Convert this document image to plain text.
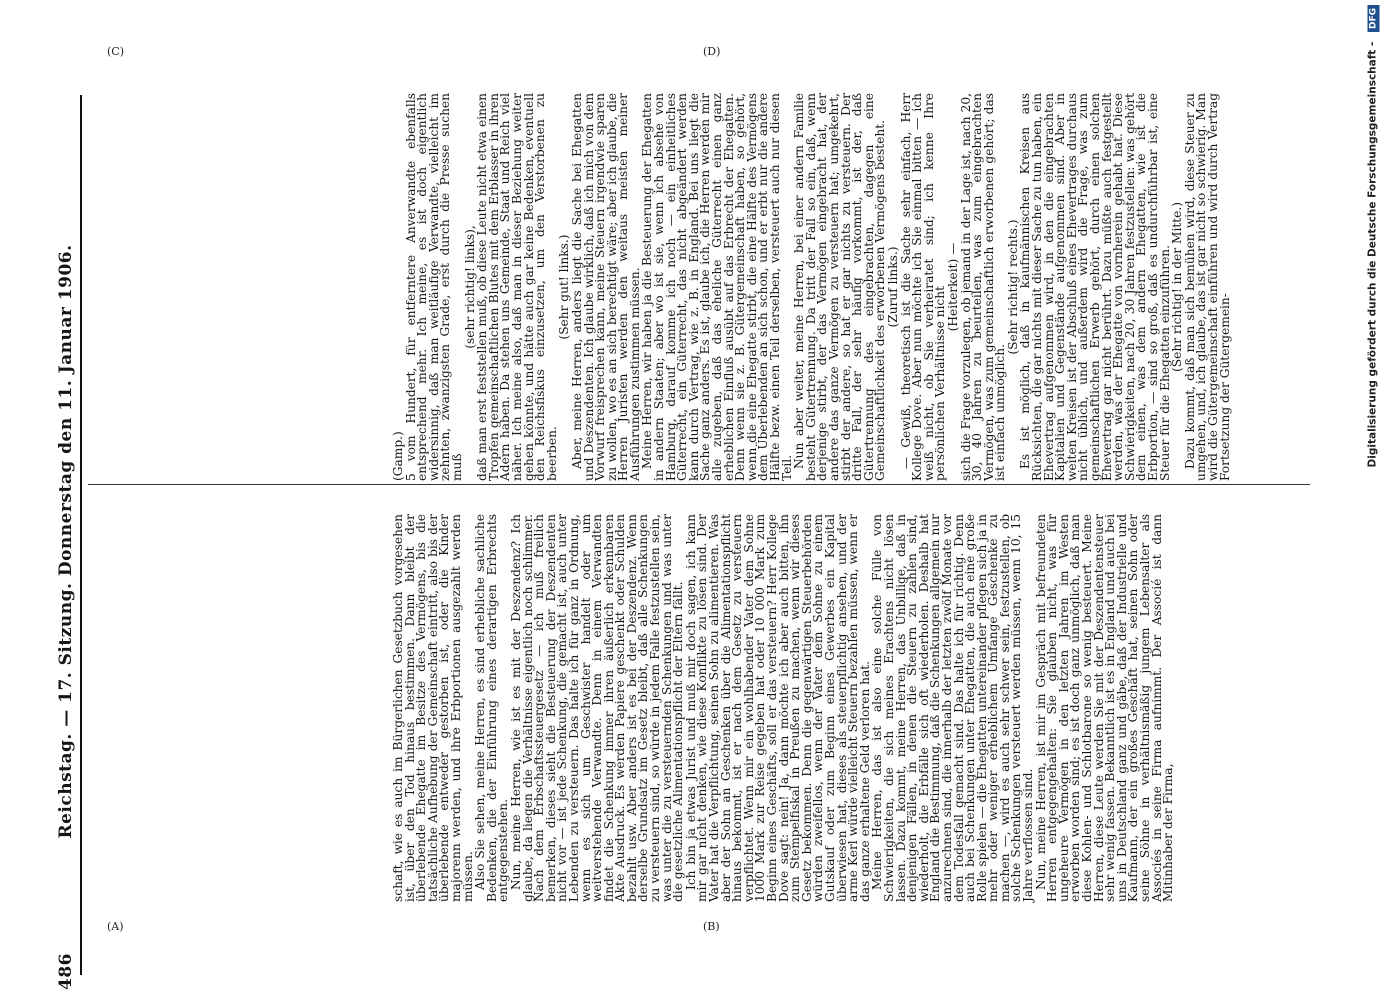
486
Reichstag. — 17. Sitzung. Donnerstag den 11. Januar 1906.
(A)	(B)
(C)	(D)

(Gamp.)

5 vom Hundert, für entferntere Anverwandte ebenfalls entsprechend mehr. Ich meine, es ist doch eigentlich widersinnig, daß man weitläufige Verwandte, vielleicht im zehnten, zwanzigsten Grade, erst durch die Presse suchen muß

(sehr richtig! links),

daß man erst feststellen muß, ob diese Leute nicht etwa einen Tropfen gemeinschaftlichen Blutes mit dem Erblasser in ihren Adern haben. Da stehen uns Gemeinde, Staat und Reich viel näher. Ich meine also, daß man in dieser Beziehung weiter gehen könnte, und hätte auch gar keine Bedenken, eventuell den Reichsfiskus einzusetzen, um den Verstorbenen zu beerben.

(Sehr gut! links.)

Aber, meine Herren, anders liegt die Sache bei Ehegatten und Deszendenten. Ich glaube wirklich, daß ich mich von dem Vorwurf freisprechen kann, meine Steuern irgendwie sparen zu wollen, wo es an sich berechtigt wäre; aber ich glaube, die Herren Juristen werden den weitaus meisten meiner Ausführungen zustimmen müssen.

Meine Herren, wir haben ja die Besteuerung der Ehegatten in andern Staaten; aber wo ist sie, wenn ich absehe von Hamburg, darauf komme ich noch — ein einheitliches Güterrecht, ein Güterrecht, das nicht abgeändert werden kann durch Vertrag, wie z. B. in England. Bei uns liegt die Sache ganz anders. Es ist, glaube ich, die Herren werden mir alle zugeben, daß das eheliche Güterrecht einen ganz erheblichen Einfluß ausübt auf das Erbrecht der Ehegatten. Denn wenn sie z. B. Gütergemeinschaft haben, so gehört, wenn die eine Ehegatte stirbt, die eine Hälfte des Vermögens dem Überlebenden an sich schon, und er erbt nur die andere Hälfte bezw. einen Teil derselben, versteuert auch nur diesen Teil.

Nun aber weiter, meine Herren, bei einer andern Familie besteht Gütertrennung. Da tritt der Fall so ein, daß, wenn derjenige stirbt, der das Vermögen eingebracht hat, der andere das ganze Vermögen zu versteuern hat; umgekehrt, stirbt der andere, so hat er gar nichts zu versteuern. Der dritte Fall, der sehr häufig vorkommt, ist der, daß Gütertrennung des eingebrachten, dagegen eine Gemeinschaftlichkeit des erworbenen Vermögens besteht.

(Zuruf links.)

— Gewiß, theoretisch ist die Sache sehr einfach, Herr Kollege Dove. Aber nun möchte ich Sie einmal bitten — ich weiß nicht, ob Sie verheiratet sind; ich kenne Ihre persönlichen Verhältnisse nicht

(Heiterkeit) —

sich die Frage vorzulegen, ob jemand in der Lage ist, nach 20, 30, 40 Jahren zu beurteilen, was zum eingebrachten Vermögen, was zum gemeinschaftlich erworbenen gehört; das ist einfach unmöglich.

(Sehr richtig! rechts.)

Es ist möglich, daß in kaufmännischen Kreisen aus Rücksichten, die gar nichts mit dieser Sache zu tun haben, ein Ehevertrag aufgenommen wird, in den die eingebrachten Kapitalien und Gegenstände aufgenommen sind. Aber in weiten Kreisen ist der Abschluß eines Ehevertrages durchaus nicht üblich, und außerdem wird die Frage, was zum gemeinschaftlichen Erwerb gehört, durch einen solchen Ehevertrag gar nicht berührt. Dazu müßte auch festgestellt werden, was der Ehegatte von vornherein gehabt hat. Diese Schwierigkeiten, nach 20, 30 Jahren festzustellen: was gehört dem einen, was dem andern Ehegatten, wie ist die Erbportion, — sind so groß, daß es undurchführbar ist, eine Steuer für die Ehegatten einzuführen.

(Sehr richtig! in der Mitte.)

Dazu kommt, daß man sich bemühen wird, diese Steuer zu umgehen, und, ich glaube, das ist gar nicht so schwierig. Man wird die Gütergemeinschaft einführen und wird durch Vertrag Fortsetzung der Gütergemein-

schaft, wie es auch im Bürgerlichen Gesetzbuch vorgesehen ist, über den Tod hinaus bestimmen. Dann bleibt der überlebende Ehegatte im Besitze des Vermögens, bis die tatsächliche Aufhebung der Gemeinschaft eintritt, also bis der überlebende entweder gestorben ist, oder die Kinder majorenn werden, und ihre Erbportionen ausgezahlt werden müssen.

Also Sie sehen, meine Herren, es sind erhebliche sachliche Bedenken, die der Einführung eines derartigen Erbrechts entgegenstehen.

Nun, meine Herren, wie ist es mit der Deszendenz? Ich glaube, da liegen die Verhältnisse eigentlich noch schlimmer. Nach dem Erbschaftssteuergesetz — ich muß freilich bemerken, dieses sieht die Besteuerung der Deszendenten nicht vor — ist jede Schenkung, die gemacht ist, auch unter Lebenden zu versteuern. Das halte ich für ganz in Ordnung, wenn es sich um Geschwister handelt oder um weitverstehende Verwandte. Denn in einem Verwandten findet die Schenkung immer ihren äußerlich erkennbaren Akte Ausdruck. Es werden Papiere geschenkt oder Schulden bezahlt usw. Aber anders ist es bei der Deszendenz. Wenn derselbe Grundsatz im Gesetz bleibt, daß alle Schenkungen zu versteuern sind, so würde in jedem Falle festzustellen sein, was unter die zu versteuernden Schenkungen und was unter die gesetzliche Alimentationspflicht der Eltern fällt.

Ich bin ja etwas Jurist und muß mir doch sagen, ich kann mir gar nicht denken, wie diese Konflikte zu lösen sind. Der Vater hat die Verpflichtung, seinen Sohn zu alimentieren. Was aber der Sohn an Geschenken über die Alimentationspflicht hinaus bekommt, ist er nach dem Gesetz zu versteuern verpflichtet. Wenn mir ein wohlhabender Vater dem Sohne 1000 Mark zur Reise gegeben hat oder 10 000 Mark zum Beginn eines Geschäfts, soll er das versteuern? Herr Kollege Dove sagt: nein! Ja, dann möchte ich aber auch bitten, ihn zum Stempelfiskal in Preußen zu machen, wenn wir dieses Gesetz bekommen. Denn die gegenwärtigen Steuerbehörden würden zweifellos, wenn der Vater dem Sohne zu einem Gutskauf oder zum Beginn eines Gewerbes ein Kapital überwiesen hat, dieses als steuerpflichtig ansehen, und der arme Kerl würde vielleicht Steuern bezahlen müssen, wenn er das ganze erhaltene Geld verloren hat.

Meine Herren, das ist also eine solche Fülle von Schwierigkeiten, die sich meines Erachtens nicht lösen lassen. Dazu kommt, meine Herren, das Unbillige, daß in denjenigen Fällen, in denen die Steuern zu zahlen sind, wiederholt, die Erbfälle sich oft wiederholen. Deshalb hat England die Bestimmung, daß die Schenkungen allgemein nur anzurechnen sind, die innerhalb der letzten zwölf Monate vor dem Todesfall gemacht sind. Das halte ich für richtig. Denn auch bei Schenkungen unter Ehegatten, die auch eine große Rolle spielen — die Ehegatten untereinander pflegen sich ja in mehr oder weniger erheblichem Umfange Geschenke zu machen —, wird es auch sehr schwer sein, festzustellen, ob solche Schenkungen versteuert werden müssen, wenn 10, 15 Jahre verflossen sind.

Nun, meine Herren, ist mir im Gespräch mit befreundeten Herren entgegengehalten: Sie glauben nicht, was für ungeheure Vermögen in den letzten Jahren im Westen erworben worden sind; es ist doch ganz unmöglich, daß man diese Kohlen- und Schlotbarone so wenig besteuert. Meine Herren, diese Leute werden Sie mit der Deszendentensteuer sehr wenig fassen. Bekanntlich ist es in England und auch bei uns in Deutschland ganz und gäbe, daß der Industrielle und Kaufmann, der ein großes Geschäft hat, seinen Sohn oder seine Söhne in verhältnismäßig jungem Lebensalter als Associés in seine Firma aufnimmt. Der Associé ist dann Mitinhaber der Firma,

Digitalisierung gefördert durch die Deutsche Forschungsgemeinschaft - DFG
